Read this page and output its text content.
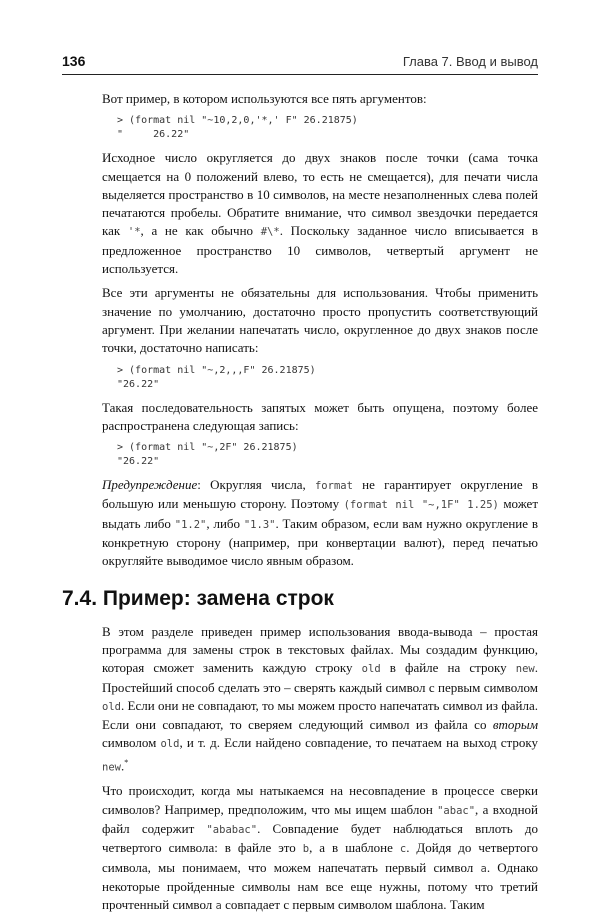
136	Глава 7. Ввод и вывод

Вот пример, в котором используются все пять аргументов:

> (format nil "~10,2,0,'*,' F" 26.21875)
"     26.22"

Исходное число округляется до двух знаков после точки (сама точка смещается на 0 положений влево, то есть не смещается), для печати числа выделяется пространство в 10 символов, на месте незаполненных слева полей печатаются пробелы. Обратите внимание, что символ звездочки передается как '*, а не как обычно #\*. Поскольку заданное число вписывается в предложенное пространство 10 символов, четвертый аргумент не используется.

Все эти аргументы не обязательны для использования. Чтобы применить значение по умолчанию, достаточно просто пропустить соответствующий аргумент. При желании напечатать число, округленное до двух знаков после точки, достаточно написать:

> (format nil "~,2,,,F" 26.21875)
"26.22"

Такая последовательность запятых может быть опущена, поэтому более распространена следующая запись:

> (format nil "~,2F" 26.21875)
"26.22"

Предупреждение: Округляя числа, format не гарантирует округление в большую или меньшую сторону. Поэтому (format nil "~,1F" 1.25) может выдать либо "1.2", либо "1.3". Таким образом, если вам нужно округление в конкретную сторону (например, при конвертации валют), перед печатью округляйте выводимое число явным образом.

7.4. Пример: замена строк

В этом разделе приведен пример использования ввода-вывода – простая программа для замены строк в текстовых файлах. Мы создадим функцию, которая сможет заменить каждую строку old в файле на строку new. Простейший способ сделать это – сверять каждый символ с первым символом old. Если они не совпадают, то мы можем просто напечатать символ из файла. Если они совпадают, то сверяем следующий символ из файла со вторым символом old, и т. д. Если найдено совпадение, то печатаем на выход строку new.*

Что происходит, когда мы натыкаемся на несовпадение в процессе сверки символов? Например, предположим, что мы ищем шаблон "abac", а входной файл содержит "ababac". Совпадение будет наблюдаться вплоть до четвертого символа: в файле это b, а в шаблоне c. Дойдя до четвертого символа, мы понимаем, что можем напечатать первый символ a. Однако некоторые пройденные символы нам все еще нужны, потому что третий прочтенный символ a совпадает с первым символом шаблона. Таким
